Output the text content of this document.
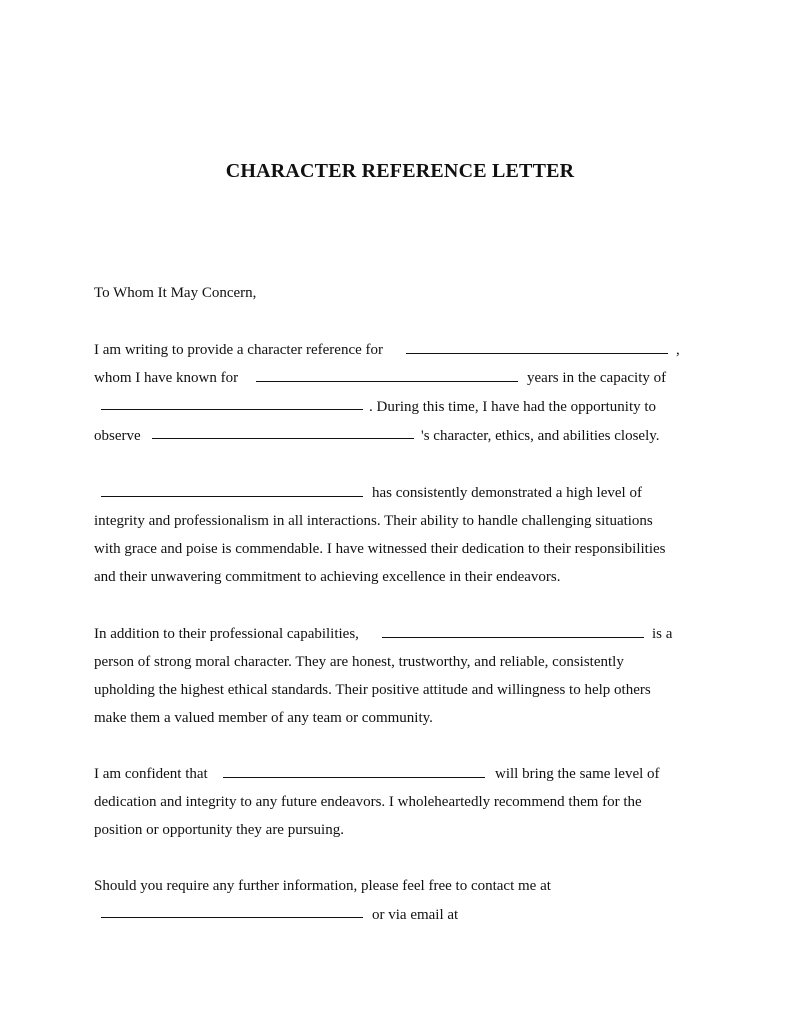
CHARACTER REFERENCE LETTER
To Whom It May Concern,
I am writing to provide a character reference for	,
whom I have known for	years in the capacity of
. During this time, I have had the opportunity to
observe	's character, ethics, and abilities closely.
has consistently demonstrated a high level of
integrity and professionalism in all interactions. Their ability to handle challenging situations
with grace and poise is commendable. I have witnessed their dedication to their responsibilities
and their unwavering commitment to achieving excellence in their endeavors.
In addition to their professional capabilities,	is a
person of strong moral character. They are honest, trustworthy, and reliable, consistently
upholding the highest ethical standards. Their positive attitude and willingness to help others
make them a valued member of any team or community.
I am confident that	will bring the same level of
dedication and integrity to any future endeavors. I wholeheartedly recommend them for the
position or opportunity they are pursuing.
Should you require any further information, please feel free to contact me at
or via email at
